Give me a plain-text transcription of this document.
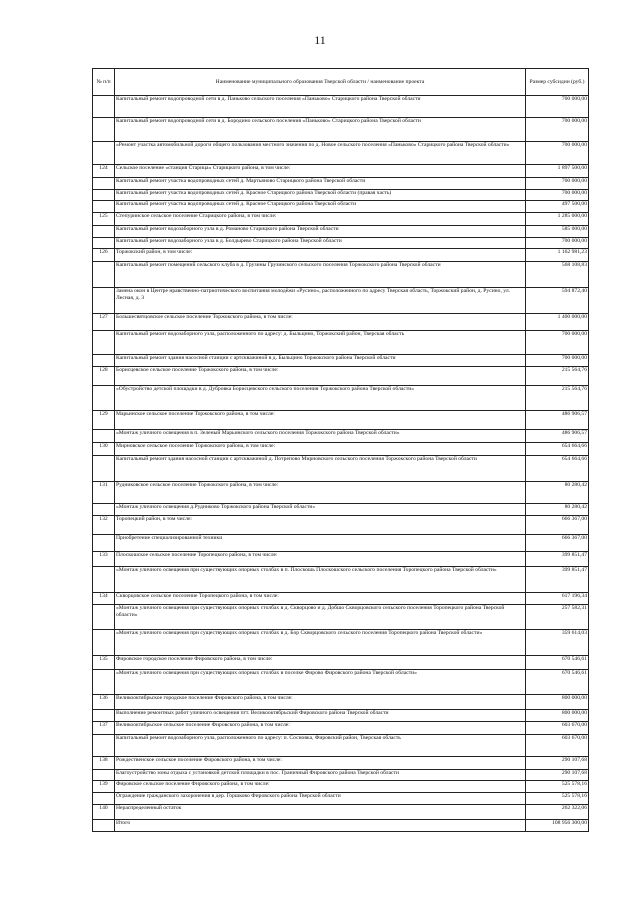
11
№ п/п	Наименование муниципального образования Тверской области / наименование проекта	Размер субсидии (руб.)
	Капитальный ремонт водопроводной сети в д. Паньково сельского поселения «Паньково» Старицкого района Тверской области	700 000,00
	Капитальный ремонт водопроводной сети в д. Бородино сельского поселения «Паньково» Старицкого района Тверской области	700 000,00
	«Ремонт участка автомобильной дороги общего пользования местного значения по д. Новое сельского поселения «Паньково» Старицкого района Тверской области»	700 000,00
124	Сельское поселение «станция Старица» Старицкого района, в том числе:	1 897 500,00
	Капитальный ремонт участка водопроводных сетей д. Мартьяново Старицкого района Тверской области	700 000,00
	Капитальный ремонт участка водопроводных сетей д. Красное Старицкого района Тверской области (правая часть)	700 000,00
	Капитальный ремонт участка водопроводных сетей д. Красное Старицкого района Тверской области	497 500,00
125	Степуринское сельское поселение Старицкого района, в том числе:	1 285 000,00
	Капитальный ремонт водозаборного узла в д. Романово Старицкого района Тверской области	585 000,00
	Капитальный ремонт водозаборного узла в д. Болдырево Старицкого района Тверской области	700 000,00
126	Торжокский район, в том числе:	1 162 981,23
	Капитальный ремонт помещений сельского клуба в д. Грузины Грузинского сельского поселения Торжокского района Тверской области	568 108,83
	Замена окон в Центре нравственно-патриотического воспитания молодёжи «Русино», расположенного по адресу Тверская область, Торжокский район, д. Русино, ул. Лесная, д. 3	594 872,40
127	Большесвятцовское сельское поселение Торжокского района, в том числе:	1 400 000,00
	Капитальный ремонт водозаборного узла, расположенного по адресу: д. Быльцино, Торжокский район, Тверская область	700 000,00
	Капитальный ремонт здания насосной станции с артскважиной в д. Быльцино Торжокского района Тверской области	700 000,00
128	Борисцевское сельское поселение Торжокского района, в том числе:	215 564,76
	«Обустройство детской площадки в д. Дубровка Борисцевского сельского поселения Торжокского района Тверской области»	215 564,76
129	Марьинское сельское поселение Торжокского района, в том числе:	486 906,57
	«Монтаж уличного освещения в п. Зеленый Марьинского сельского поселения Торжокского района Тверской области»	486 906,57
130	Мирновское сельское поселение Торжокского района, в том числе:	654 664,66
	Капитальный ремонт здания насосной станции с артскважиной д. Потрепово Мирновского сельского поселения Торжокского района Тверской области	654 664,66
131	Рудниковское сельское поселение Торжокского района, в том числе:	80 280,42
	«Монтаж уличного освещения д.Рудниково Торжокского района Тверской области»	80 280,42
132	Торопецкий район, в том числе:	666 367,00
	Приобретение специализированной техники	666 367,00
133	Плоскошское сельское поселение Торопецкого района, в том числе:	399 851,47
	«Монтаж уличного освещения при существующих опорных столбах в п. Плоскошь Плоскошского сельского поселения Торопецкого района Тверской области»	399 851,47
134	Скворцовское сельское поселение Торопецкого района, в том числе:	617 196,34
	«Монтаж уличного освещения при существующих опорных столбах в д. Скворцово и д. Добшо Скворцовского сельского поселения Торопецкого района Тверской области»	257 582,31
	«Монтаж уличного освещения при существующих опорных столбах в д. Бор Скворцовского сельского поселения Торопецкого района Тверской области»	359 614,03
135	Фировское городское поселение Фировского района, в том числе:	670 546,61
	«Монтаж уличного освещения при существующих опорных столбах в поселке Фирово Фировского района Тверской области»	670 546,61
136	Великооктябрьское городское поселение Фировского района, в том числе:	800 000,00
	Выполнение ремонтных работ уличного освещения пгт. Великооктябрьский Фировского района Тверской области	800 000,00
137	Великооктябрьское сельское поселение Фировского района, в том числе:	603 670,00
	Капитальный ремонт водозаборного узла, расположенного по адресу: п. Сосновка, Фировский район, Тверская область	603 670,00
138	Рождественское сельское поселение Фировского района, в том числе:	290 107,68
	Благоустройство зоны отдыха с установкой детской площадки в пос. Граничный Фировского района Тверской области	290 107,68
139	Фировское сельское поселение Фировского района, в том числе:	525 578,16
	Ограждение гражданского захоронения в дер. Горшково Фировского района Тверской области	525 578,16
140	Нераспределенный остаток	262 322,06
	Итого	108 956 300,00
